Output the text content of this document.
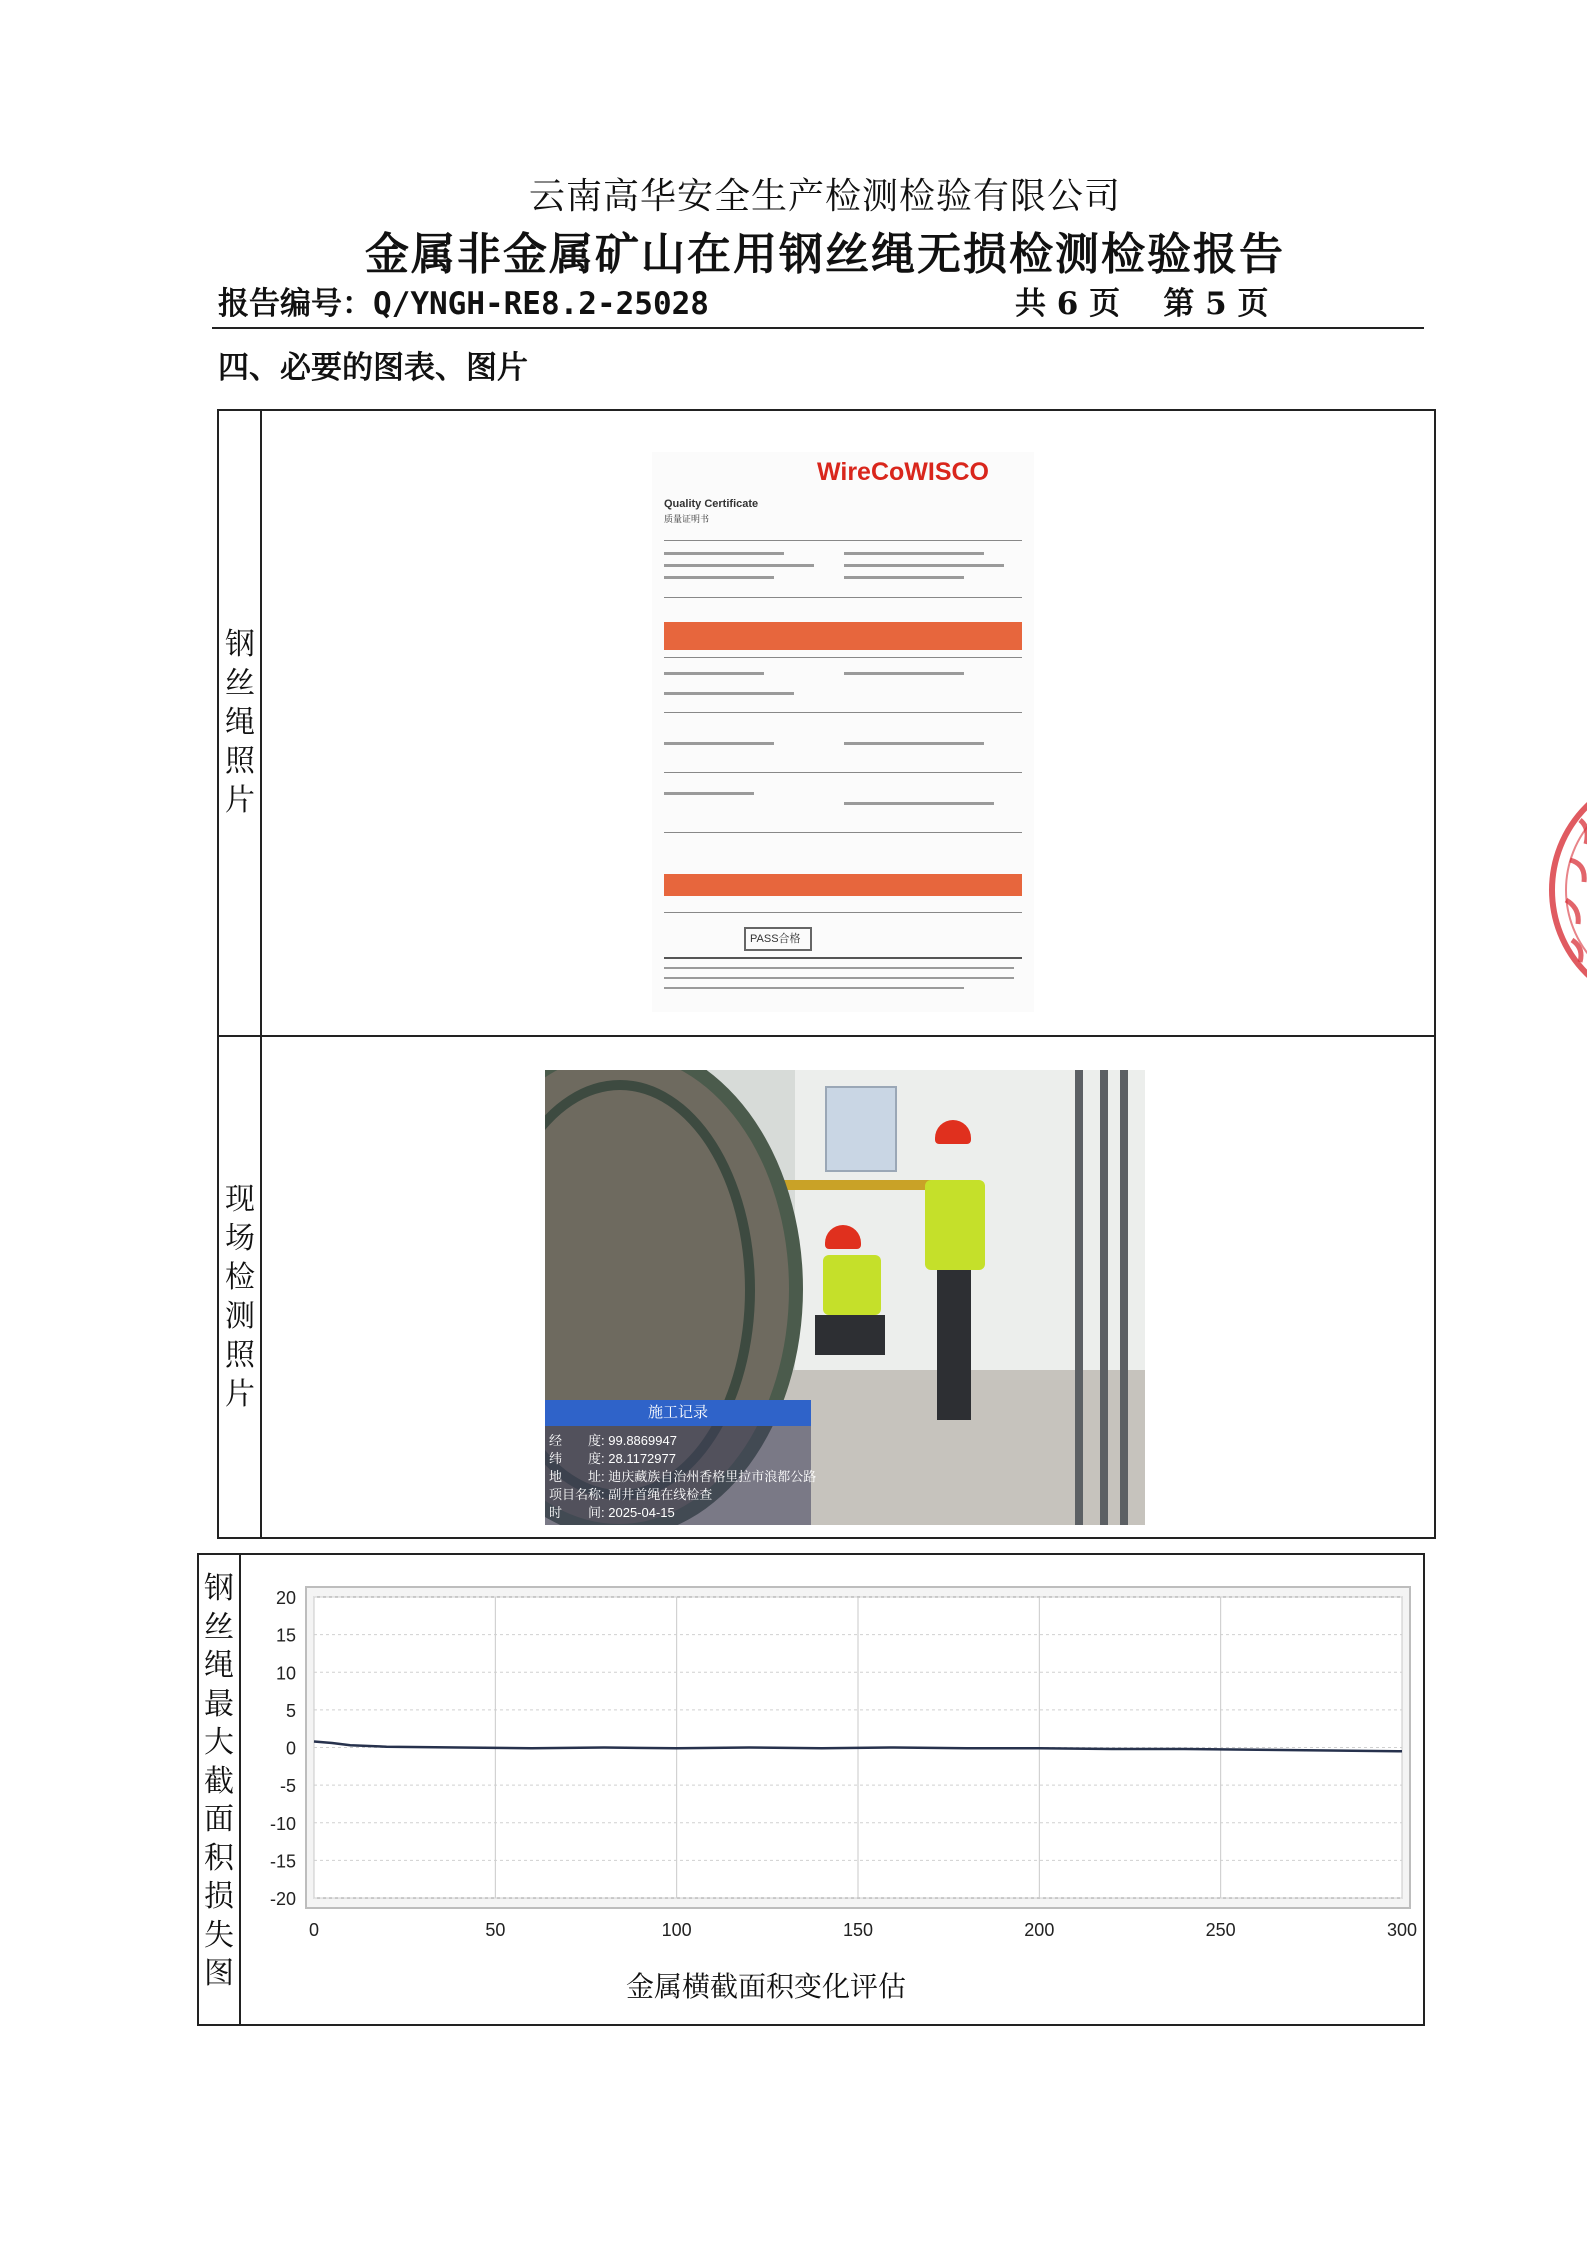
云南高华安全生产检测检验有限公司
金属非金属矿山在用钢丝绳无损检测检验报告
报告编号：Q/YNGH-RE8.2-25028	共 6 页    第 5 页
四、必要的图表、图片
钢
丝
绳
照
片
现
场
检
测
照
片
WireCoWISCO
Quality Certificate
质量证明书
PASS合格
施工记录
经　　度: 99.8869947
纬　　度: 28.1172977
地　　址: 迪庆藏族自治州香格里拉市浪都公路
项目名称: 副井首绳在线检查
时　　间: 2025-04-15
钢
丝
绳
最
大
截
面
积
损
失
图
20
15
10
5
0
-5
-10
-15
-20
0	50	100	150	200	250	300
金属横截面积变化评估
